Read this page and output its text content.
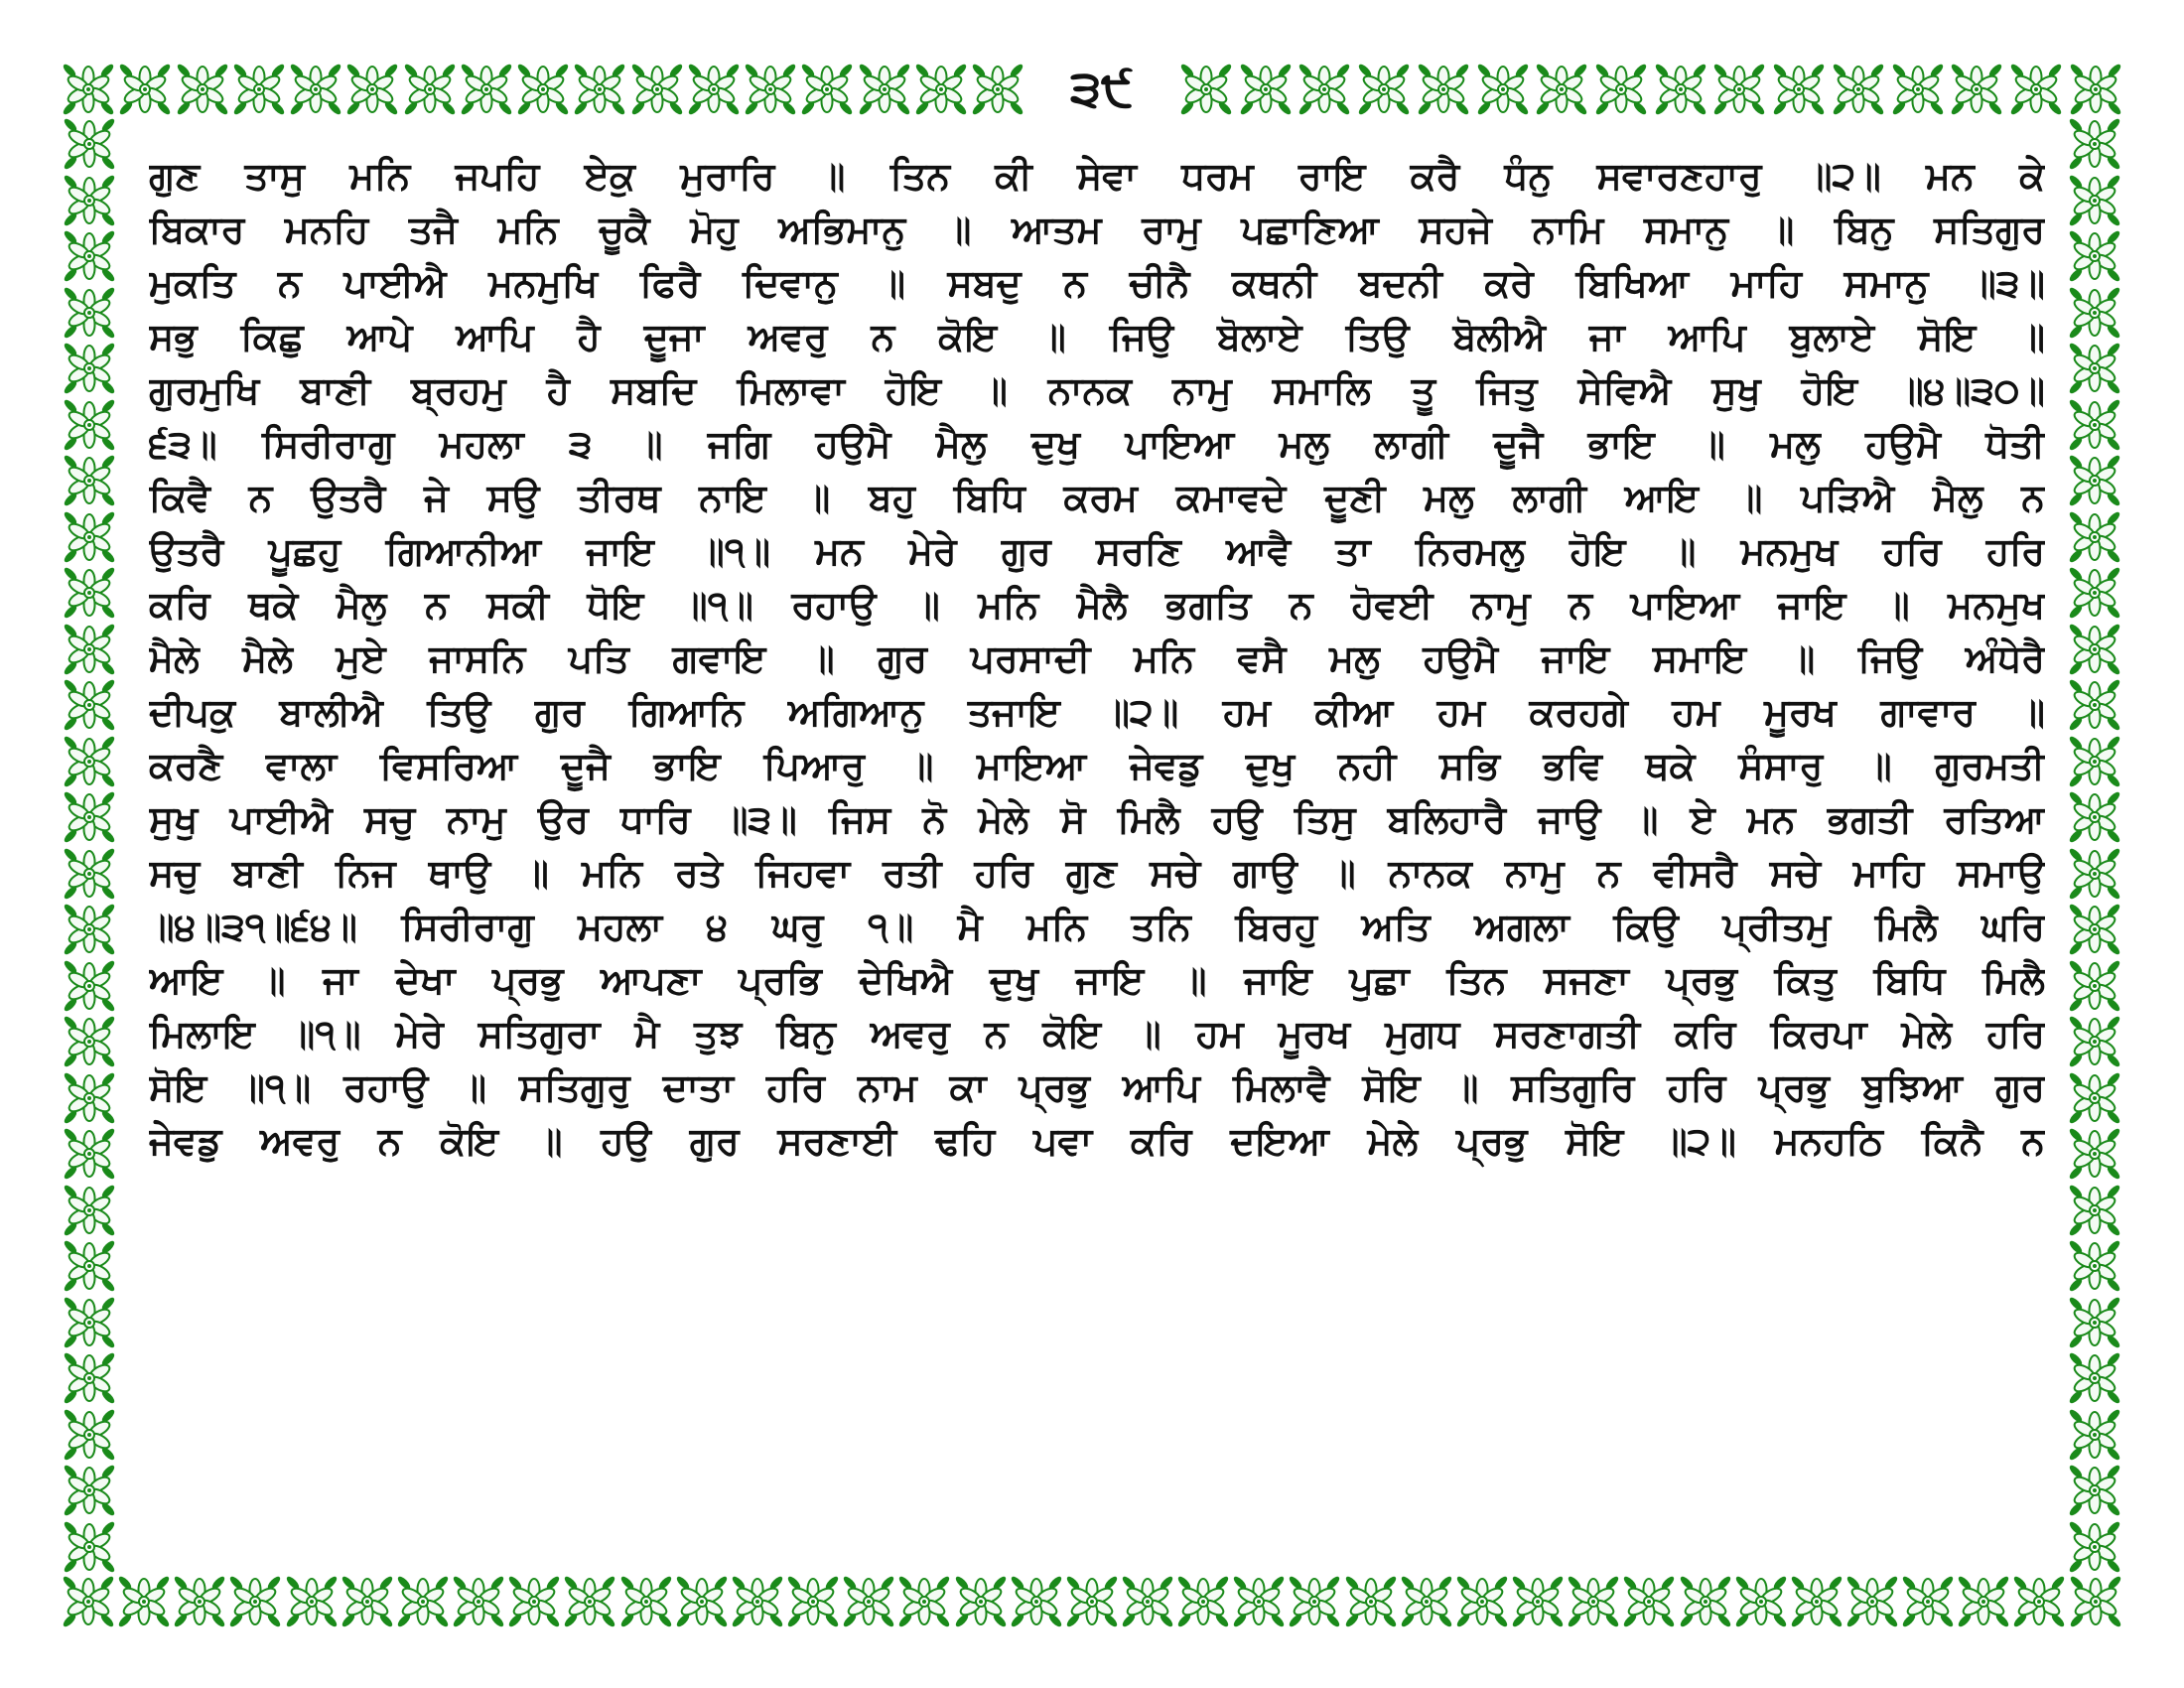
੩੯
ਗੁਣ ਤਾਸੁ ਮਨਿ ਜਪਹਿ ਏਕੁ ਮੁਰਾਰਿ ॥ ਤਿਨ ਕੀ ਸੇਵਾ ਧਰਮ ਰਾਇ ਕਰੈ ਧੰਨੁ ਸਵਾਰਣਹਾਰੁ ॥੨॥ ਮਨ ਕੇ
ਬਿਕਾਰ ਮਨਹਿ ਤਜੈ ਮਨਿ ਚੂਕੈ ਮੋਹੁ ਅਭਿਮਾਨੁ ॥ ਆਤਮ ਰਾਮੁ ਪਛਾਣਿਆ ਸਹਜੇ ਨਾਮਿ ਸਮਾਨੁ ॥ ਬਿਨੁ ਸਤਿਗੁਰ
ਮੁਕਤਿ ਨ ਪਾਈਐ ਮਨਮੁਖਿ ਫਿਰੈ ਦਿਵਾਨੁ ॥ ਸਬਦੁ ਨ ਚੀਨੈ ਕਥਨੀ ਬਦਨੀ ਕਰੇ ਬਿਖਿਆ ਮਾਹਿ ਸਮਾਨੁ ॥੩॥
ਸਭੁ ਕਿਛੁ ਆਪੇ ਆਪਿ ਹੈ ਦੂਜਾ ਅਵਰੁ ਨ ਕੋਇ ॥ ਜਿਉ ਬੋਲਾਏ ਤਿਉ ਬੋਲੀਐ ਜਾ ਆਪਿ ਬੁਲਾਏ ਸੋਇ ॥
ਗੁਰਮੁਖਿ ਬਾਣੀ ਬ੍ਰਹਮੁ ਹੈ ਸਬਦਿ ਮਿਲਾਵਾ ਹੋਇ ॥ ਨਾਨਕ ਨਾਮੁ ਸਮਾਲਿ ਤੂ ਜਿਤੁ ਸੇਵਿਐ ਸੁਖੁ ਹੋਇ ॥੪॥੩੦॥
੬੩॥ ਸਿਰੀਰਾਗੁ ਮਹਲਾ ੩ ॥ ਜਗਿ ਹਉਮੈ ਮੈਲੁ ਦੁਖੁ ਪਾਇਆ ਮਲੁ ਲਾਗੀ ਦੂਜੈ ਭਾਇ ॥ ਮਲੁ ਹਉਮੈ ਧੋਤੀ
ਕਿਵੈ ਨ ਉਤਰੈ ਜੇ ਸਉ ਤੀਰਥ ਨਾਇ ॥ ਬਹੁ ਬਿਧਿ ਕਰਮ ਕਮਾਵਦੇ ਦੂਣੀ ਮਲੁ ਲਾਗੀ ਆਇ ॥ ਪੜਿਐ ਮੈਲੁ ਨ
ਉਤਰੈ ਪੂਛਹੁ ਗਿਆਨੀਆ ਜਾਇ ॥੧॥ ਮਨ ਮੇਰੇ ਗੁਰ ਸਰਣਿ ਆਵੈ ਤਾ ਨਿਰਮਲੁ ਹੋਇ ॥ ਮਨਮੁਖ ਹਰਿ ਹਰਿ
ਕਰਿ ਥਕੇ ਮੈਲੁ ਨ ਸਕੀ ਧੋਇ ॥੧॥ ਰਹਾਉ ॥ ਮਨਿ ਮੈਲੈ ਭਗਤਿ ਨ ਹੋਵਈ ਨਾਮੁ ਨ ਪਾਇਆ ਜਾਇ ॥ ਮਨਮੁਖ
ਮੈਲੇ ਮੈਲੇ ਮੁਏ ਜਾਸਨਿ ਪਤਿ ਗਵਾਇ ॥ ਗੁਰ ਪਰਸਾਦੀ ਮਨਿ ਵਸੈ ਮਲੁ ਹਉਮੈ ਜਾਇ ਸਮਾਇ ॥ ਜਿਉ ਅੰਧੇਰੈ
ਦੀਪਕੁ ਬਾਲੀਐ ਤਿਉ ਗੁਰ ਗਿਆਨਿ ਅਗਿਆਨੁ ਤਜਾਇ ॥੨॥ ਹਮ ਕੀਆ ਹਮ ਕਰਹਗੇ ਹਮ ਮੂਰਖ ਗਾਵਾਰ ॥
ਕਰਣੈ ਵਾਲਾ ਵਿਸਰਿਆ ਦੂਜੈ ਭਾਇ ਪਿਆਰੁ ॥ ਮਾਇਆ ਜੇਵਡੁ ਦੁਖੁ ਨਹੀ ਸਭਿ ਭਵਿ ਥਕੇ ਸੰਸਾਰੁ ॥ ਗੁਰਮਤੀ
ਸੁਖੁ ਪਾਈਐ ਸਚੁ ਨਾਮੁ ਉਰ ਧਾਰਿ ॥੩॥ ਜਿਸ ਨੋ ਮੇਲੇ ਸੋ ਮਿਲੈ ਹਉ ਤਿਸੁ ਬਲਿਹਾਰੈ ਜਾਉ ॥ ਏ ਮਨ ਭਗਤੀ ਰਤਿਆ
ਸਚੁ ਬਾਣੀ ਨਿਜ ਥਾਉ ॥ ਮਨਿ ਰਤੇ ਜਿਹਵਾ ਰਤੀ ਹਰਿ ਗੁਣ ਸਚੇ ਗਾਉ ॥ ਨਾਨਕ ਨਾਮੁ ਨ ਵੀਸਰੈ ਸਚੇ ਮਾਹਿ ਸਮਾਉ
॥੪॥੩੧॥੬੪॥ ਸਿਰੀਰਾਗੁ ਮਹਲਾ ੪ ਘਰੁ ੧॥ ਮੈ ਮਨਿ ਤਨਿ ਬਿਰਹੁ ਅਤਿ ਅਗਲਾ ਕਿਉ ਪ੍ਰੀਤਮੁ ਮਿਲੈ ਘਰਿ
ਆਇ ॥ ਜਾ ਦੇਖਾ ਪ੍ਰਭੁ ਆਪਣਾ ਪ੍ਰਭਿ ਦੇਖਿਐ ਦੁਖੁ ਜਾਇ ॥ ਜਾਇ ਪੁਛਾ ਤਿਨ ਸਜਣਾ ਪ੍ਰਭੁ ਕਿਤੁ ਬਿਧਿ ਮਿਲੈ
ਮਿਲਾਇ ॥੧॥ ਮੇਰੇ ਸਤਿਗੁਰਾ ਮੈ ਤੁਝ ਬਿਨੁ ਅਵਰੁ ਨ ਕੋਇ ॥ ਹਮ ਮੂਰਖ ਮੁਗਧ ਸਰਣਾਗਤੀ ਕਰਿ ਕਿਰਪਾ ਮੇਲੇ ਹਰਿ
ਸੋਇ ॥੧॥ ਰਹਾਉ ॥ ਸਤਿਗੁਰੁ ਦਾਤਾ ਹਰਿ ਨਾਮ ਕਾ ਪ੍ਰਭੁ ਆਪਿ ਮਿਲਾਵੈ ਸੋਇ ॥ ਸਤਿਗੁਰਿ ਹਰਿ ਪ੍ਰਭੁ ਬੁਝਿਆ ਗੁਰ
ਜੇਵਡੁ ਅਵਰੁ ਨ ਕੋਇ ॥ ਹਉ ਗੁਰ ਸਰਣਾਈ ਢਹਿ ਪਵਾ ਕਰਿ ਦਇਆ ਮੇਲੇ ਪ੍ਰਭੁ ਸੋਇ ॥੨॥ ਮਨਹਠਿ ਕਿਨੈ ਨ
